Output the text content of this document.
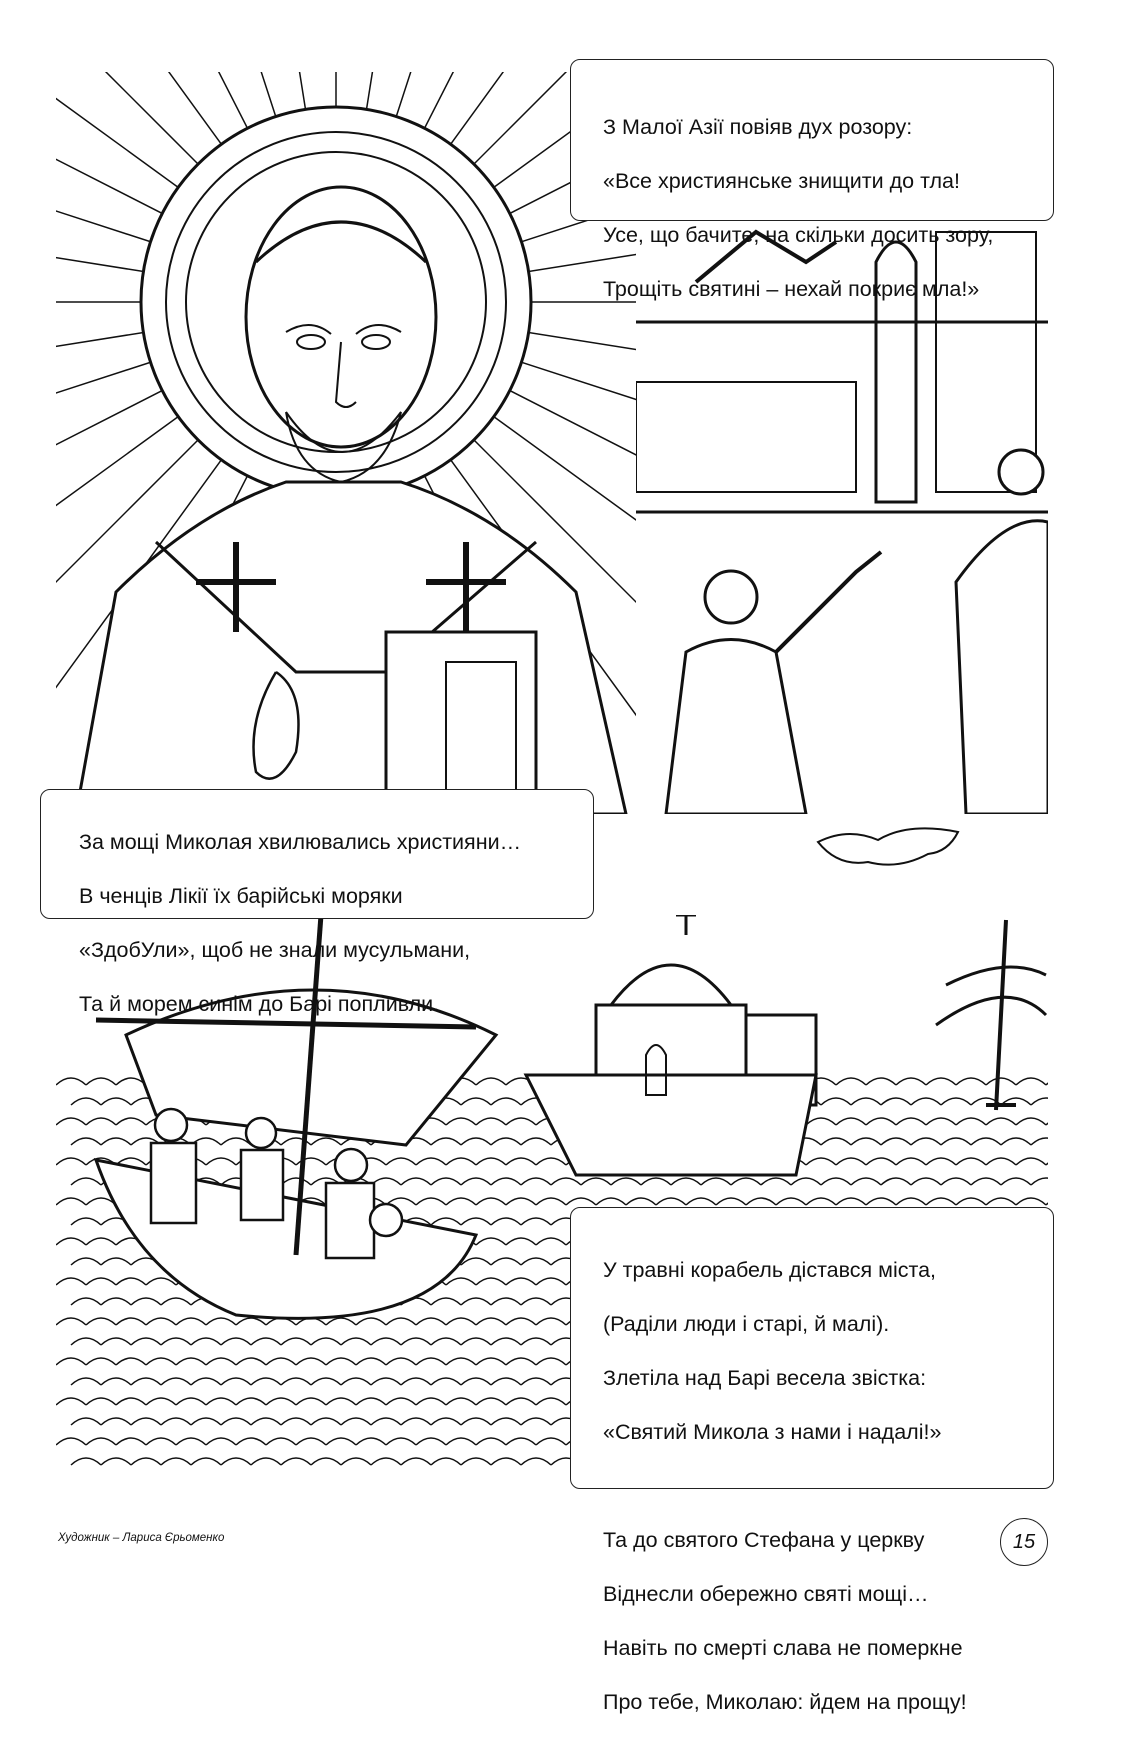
З Малої Азії повіяв дух розору:

«Все християнське знищити до тла!

Усе, що бачите, на скільки досить зору,

Трощіть святині – нехай покриє мла!»

За мощі Миколая хвилювались християни…

В ченців Лікії їх барійські моряки

«ЗдобУли», щоб не знали мусульмани,

Та й морем синім до Барі попливли.

У травні корабель дістався міста,

(Раділи люди і старі, й малі).

Злетіла над Барі весела звістка:

«Святий Микола з нами і надалі!»

Та до святого Стефана у церкву

Віднесли обережно святі мощі…

Навіть по смерті слава не померкне

Про тебе, Миколаю: йдем на прощу!

Художник – Лариса Єрьоменко	15
